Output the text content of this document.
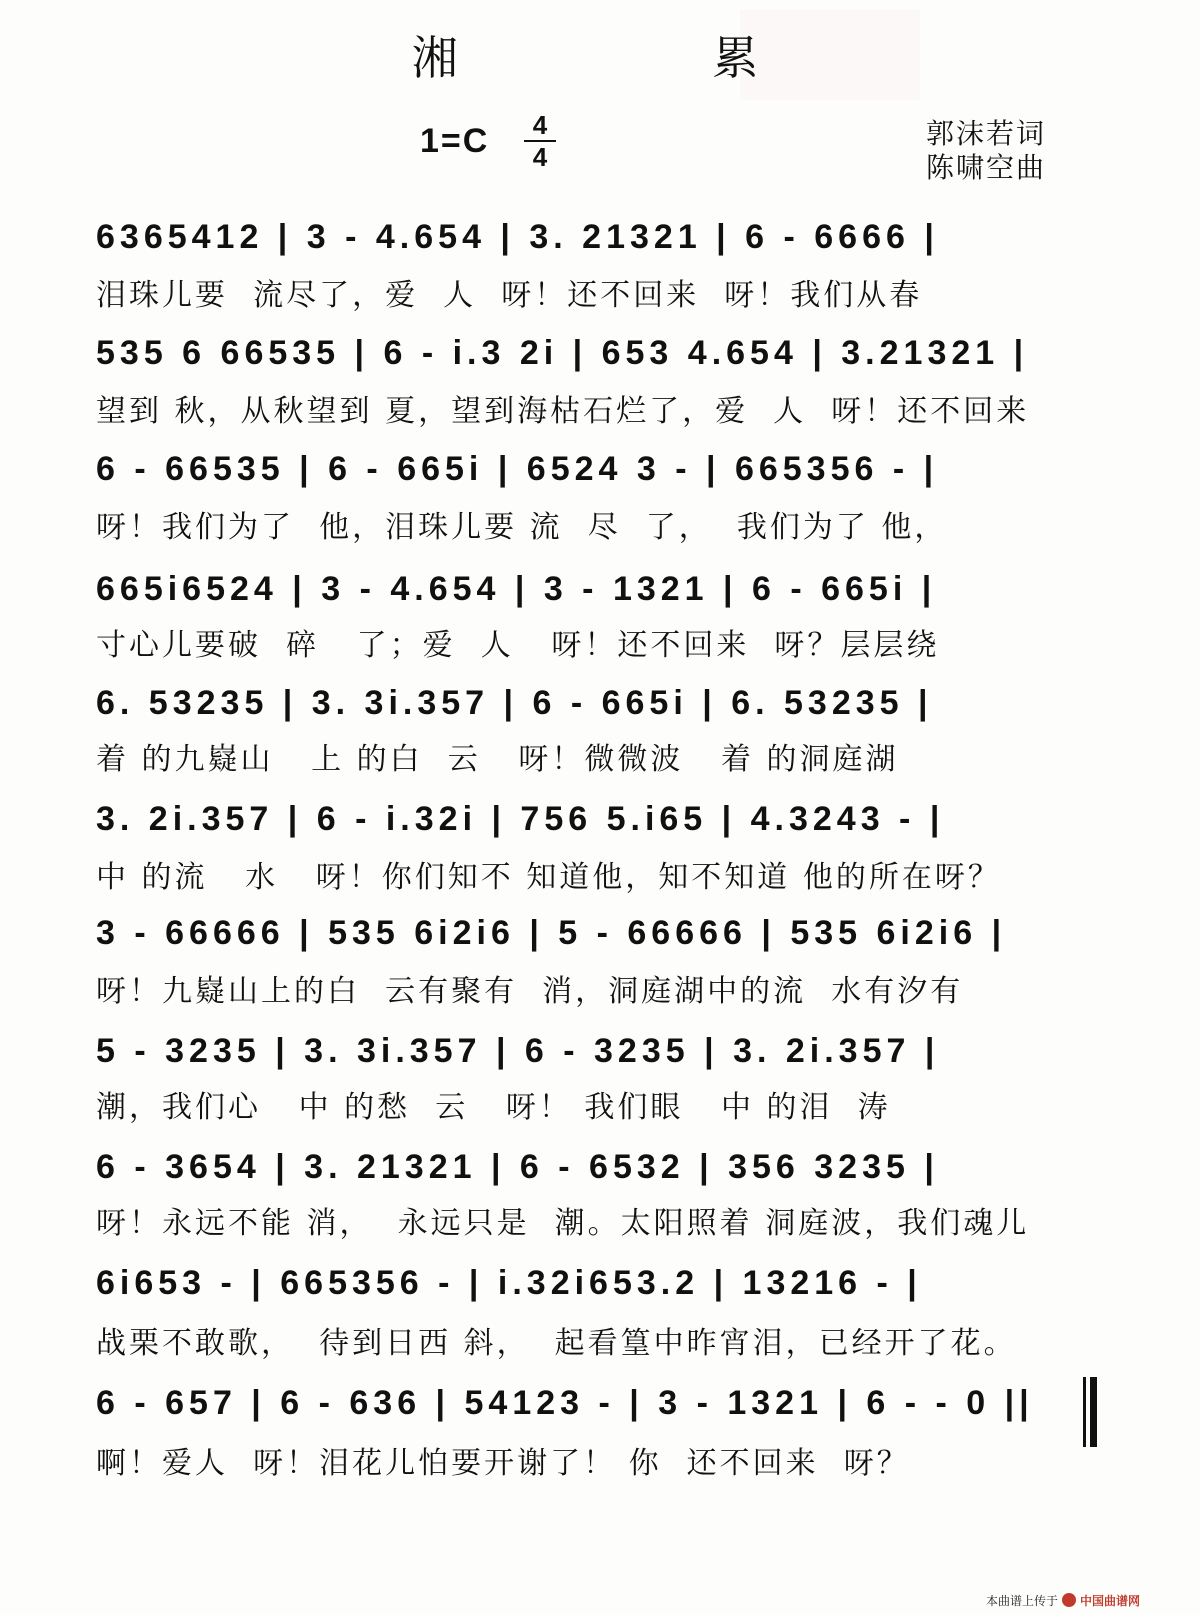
湘 累
1=C	4
4
郭沫若词
陈啸空曲
6365412 | 3 - 4.654 | 3. 21321 | 6 - 6666 |
泪珠儿要  流尽了，爱  人  呀！还不回来  呀！我们从春
535 6 66535 | 6 - i.3 2i | 653 4.654 | 3.21321 |
望到 秋，从秋望到 夏，望到海枯石烂了，爱  人  呀！还不回来
6 - 66535 | 6 - 665i | 6524 3 - | 665356 - |
呀！我们为了  他，泪珠儿要 流  尽  了，  我们为了 他，
665i6524 | 3 - 4.654 | 3 - 1321 | 6 - 665i |
寸心儿要破  碎   了；爱  人   呀！还不回来  呀？层层绕
6. 53235 | 3. 3i.357 | 6 - 665i | 6. 53235 |
着 的九嶷山   上 的白  云   呀！微微波   着 的洞庭湖
3. 2i.357 | 6 - i.32i | 756 5.i65 | 4.3243 - |
中 的流   水   呀！你们知不 知道他，知不知道 他的所在呀？
3 - 66666 | 535 6i2i6 | 5 - 66666 | 535 6i2i6 |
呀！九嶷山上的白  云有聚有  消，洞庭湖中的流  水有汐有
5 - 3235 | 3. 3i.357 | 6 - 3235 | 3. 2i.357 |
潮，我们心   中 的愁  云   呀！ 我们眼   中 的泪  涛
6 - 3654 | 3. 21321 | 6 - 6532 | 356 3235 |
呀！永远不能 消，  永远只是  潮。太阳照着 洞庭波，我们魂儿
6i653 - | 665356 - | i.32i653.2 | 13216 - |
战栗不敢歌，  待到日西 斜，  起看篁中昨宵泪，已经开了花。
6 - 657 | 6 - 636 | 54123 - | 3 - 1321 | 6 - - 0 ||
啊！爱人  呀！泪花儿怕要开谢了！ 你  还不回来  呀？
本曲谱上传于 中国曲谱网
